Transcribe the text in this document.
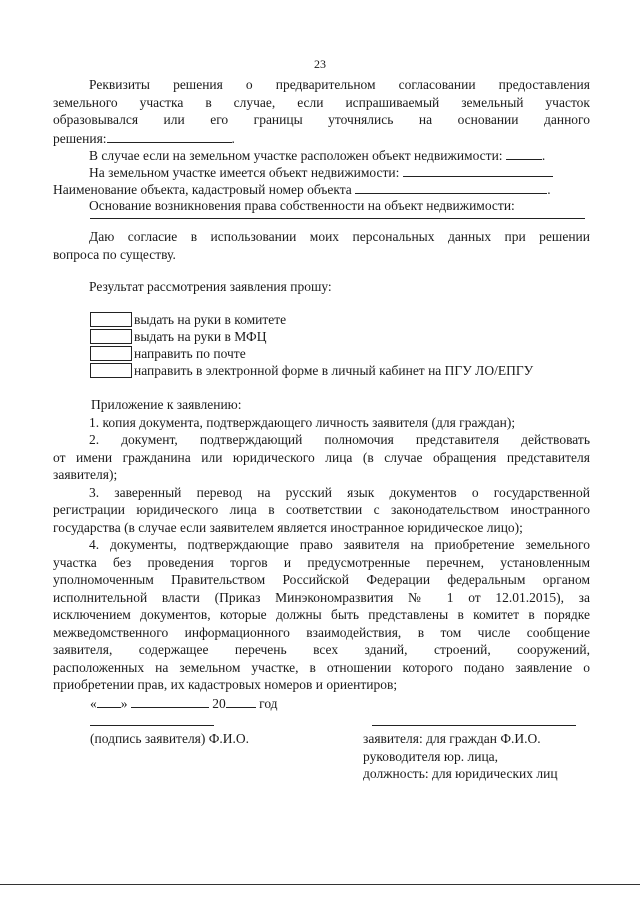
23
Реквизиты решения о предварительном согласовании предоставления
земельного участка в случае, если испрашиваемый земельный участок
образовывался или его границы уточнялись на основании данного
решения:	.
В случае если на земельном участке расположен объект недвижимости:	.
На земельном участке имеется объект недвижимости:
Наименование объекта, кадастровый номер объекта	.
Основание возникновения права собственности на объект недвижимости:
Даю согласие в использовании моих персональных данных при решении
вопроса по существу.
Результат рассмотрения заявления прошу:
выдать на руки в комитете
выдать на руки в МФЦ
направить по почте
направить в электронной форме в личный кабинет на ПГУ ЛО/ЕПГУ
Приложение к заявлению:
1. копия документа, подтверждающего личность заявителя (для граждан);
2. документ, подтверждающий полномочия представителя действовать
от имени гражданина или юридического лица (в случае обращения представителя
заявителя);
3. заверенный перевод на русский язык документов о государственной
регистрации юридического лица в соответствии с законодательством иностранного
государства (в случае если заявителем является иностранное юридическое лицо);
4. документы, подтверждающие право заявителя на приобретение земельного
участка без проведения торгов и предусмотренные перечнем, установленным
уполномоченным Правительством Российской Федерации федеральным органом
исполнительной власти (Приказ Минэкономразвития № 1 от 12.01.2015), за
исключением документов, которые должны быть представлены в комитет в порядке
межведомственного информационного взаимодействия, в том числе сообщение
заявителя, содержащее перечень всех зданий, строений, сооружений,
расположенных на земельном участке, в отношении которого подано заявление о
приобретении прав, их кадастровых номеров и ориентиров;
« »	20 год
(подпись заявителя) Ф.И.О.	заявителя: для граждан Ф.И.О.
руководителя юр. лица,
должность: для юридических лиц
